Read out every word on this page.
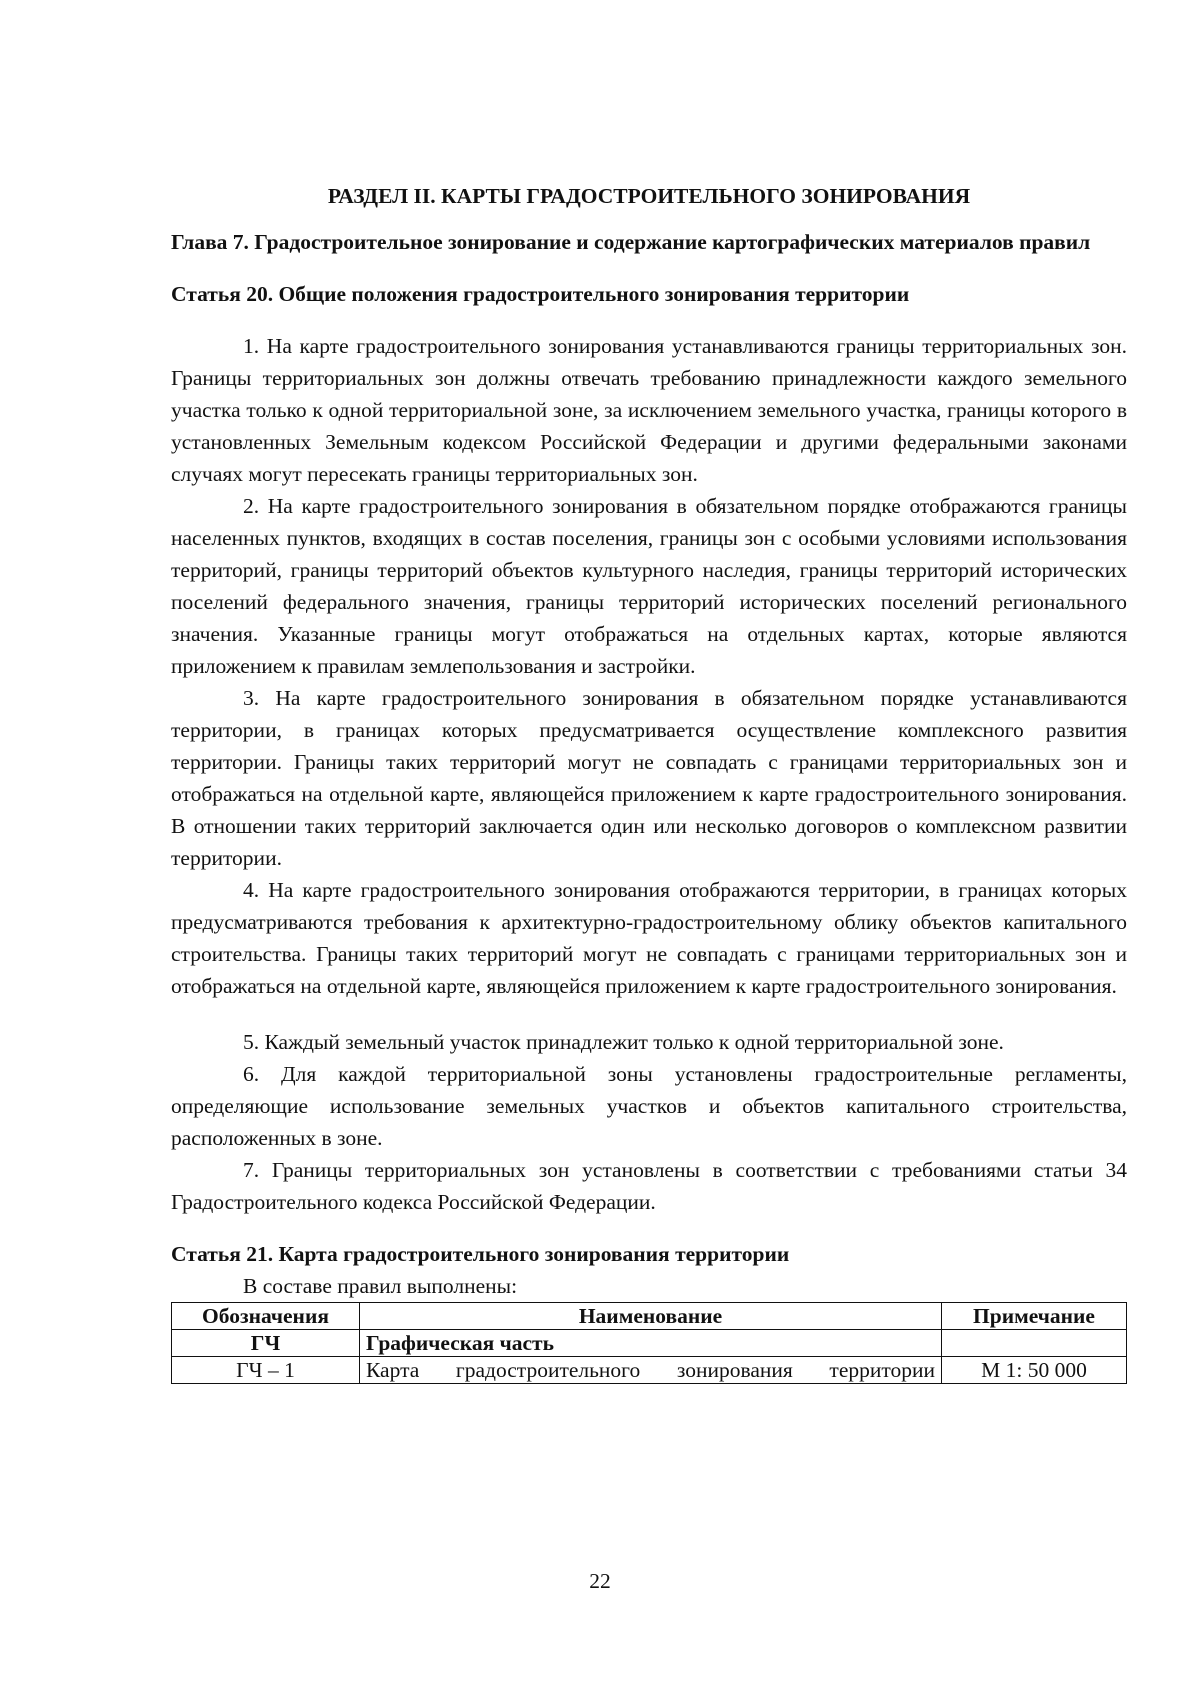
РАЗДЕЛ II. КАРТЫ ГРАДОСТРОИТЕЛЬНОГО ЗОНИРОВАНИЯ
Глава 7. Градостроительное зонирование и содержание картографических материалов правил
Статья 20. Общие положения градостроительного зонирования территории

1. На карте градостроительного зонирования устанавливаются границы территориальных зон. Границы территориальных зон должны отвечать требованию принадлежности каждого земельного участка только к одной территориальной зоне, за исключением земельного участка, границы которого в установленных Земельным кодексом Российской Федерации и другими федеральными законами случаях могут пересекать границы территориальных зон.

2. На карте градостроительного зонирования в обязательном порядке отображаются границы населенных пунктов, входящих в состав поселения, границы зон с особыми условиями использования территорий, границы территорий объектов культурного наследия, границы территорий исторических поселений федерального значения, границы территорий исторических поселений регионального значения. Указанные границы могут отображаться на отдельных картах, которые являются приложением к правилам землепользования и застройки.

3. На карте градостроительного зонирования в обязательном порядке устанавливаются территории, в границах которых предусматривается осуществление комплексного развития территории. Границы таких территорий могут не совпадать с границами территориальных зон и отображаться на отдельной карте, являющейся приложением к карте градостроительного зонирования. В отношении таких территорий заключается один или несколько договоров о комплексном развитии территории.

4. На карте градостроительного зонирования отображаются территории, в границах которых предусматриваются требования к архитектурно-градостроительному облику объектов капитального строительства. Границы таких территорий могут не совпадать с границами территориальных зон и отображаться на отдельной карте, являющейся приложением к карте градостроительного зонирования.

5. Каждый земельный участок принадлежит только к одной территориальной зоне.

6. Для каждой территориальной зоны установлены градостроительные регламенты, определяющие использование земельных участков и объектов капитального строительства, расположенных в зоне.

7. Границы территориальных зон установлены в соответствии с требованиями статьи 34 Градостроительного кодекса Российской Федерации.

Статья 21. Карта градостроительного зонирования территории

В составе правил выполнены:

Обозначения	Наименование	Примечание
ГЧ	Графическая часть	
ГЧ – 1	Карта градостроительного зонирования территории	М 1: 50 000
22
